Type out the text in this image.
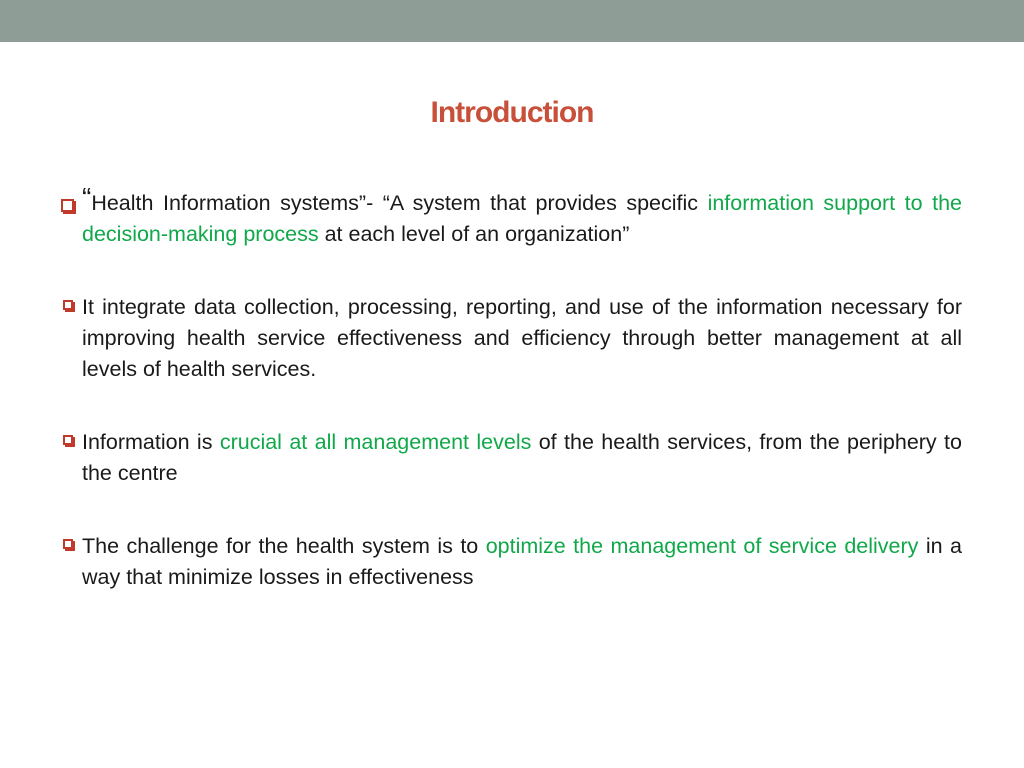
Introduction
“Health Information systems”- “A system that provides specific information support to the decision-making process at each level of an organization”
It integrate data collection, processing, reporting, and use of the information necessary for improving health service effectiveness and efficiency through better management at all levels of health services.
Information is crucial at all management levels of the health services, from the periphery to the centre
The challenge for the health system is to optimize the management of service delivery in a way that minimize losses in effectiveness
